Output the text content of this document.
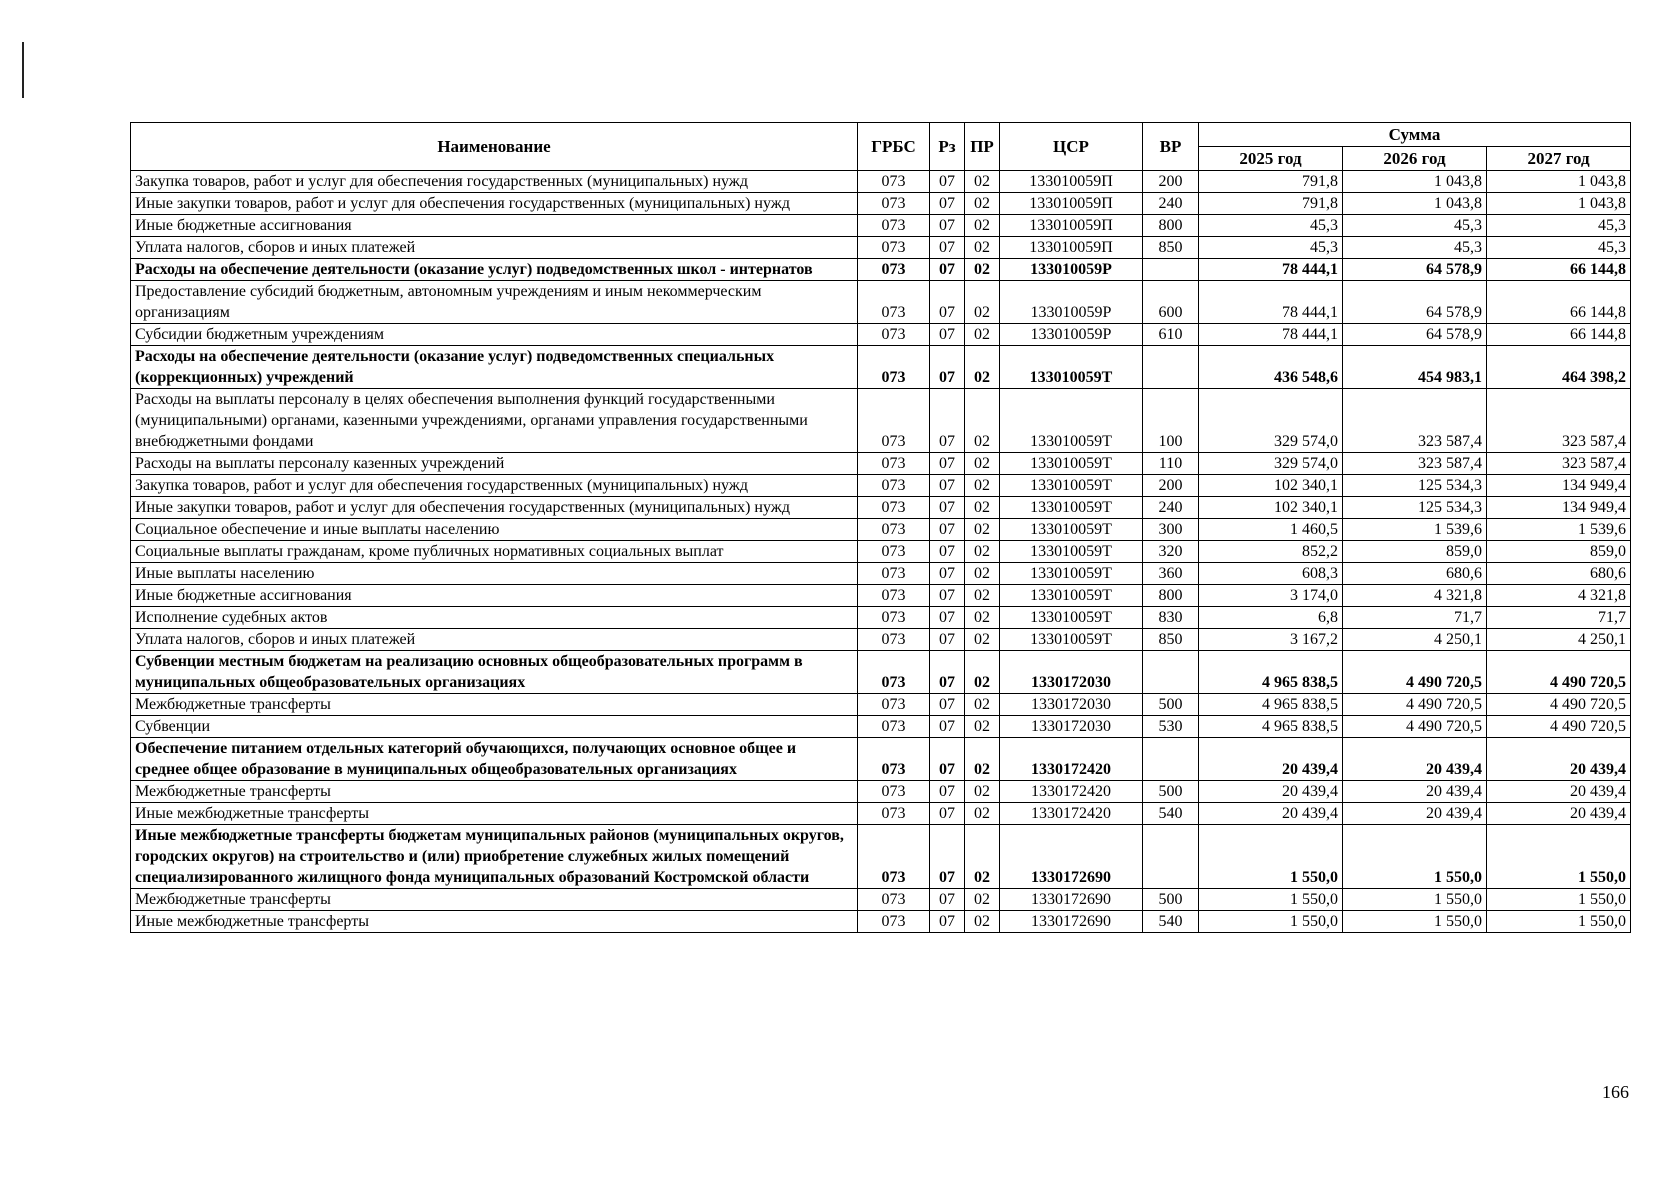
Наименование	ГРБС	Рз	ПР	ЦСР	ВР	Сумма		
						2025 год	2026 год	2027 год
Закупка товаров, работ и услуг для обеспечения государственных (муниципальных) нужд	073	07	02	133010059П	200	791,8	1 043,8	1 043,8
Иные закупки товаров, работ и услуг для обеспечения государственных (муниципальных) нужд	073	07	02	133010059П	240	791,8	1 043,8	1 043,8
Иные бюджетные ассигнования	073	07	02	133010059П	800	45,3	45,3	45,3
Уплата налогов, сборов и иных платежей	073	07	02	133010059П	850	45,3	45,3	45,3
Расходы на обеспечение деятельности (оказание услуг) подведомственных школ - интернатов	073	07	02	133010059Р		78 444,1	64 578,9	66 144,8
Предоставление субсидий бюджетным, автономным учреждениям и иным некоммерческим организациям	073	07	02	133010059Р	600	78 444,1	64 578,9	66 144,8
Субсидии бюджетным учреждениям	073	07	02	133010059Р	610	78 444,1	64 578,9	66 144,8
Расходы на обеспечение деятельности (оказание услуг) подведомственных специальных (коррекционных) учреждений	073	07	02	133010059Т		436 548,6	454 983,1	464 398,2
Расходы на выплаты персоналу в целях обеспечения выполнения функций государственными (муниципальными) органами, казенными учреждениями, органами управления государственными внебюджетными фондами	073	07	02	133010059Т	100	329 574,0	323 587,4	323 587,4
Расходы на выплаты персоналу казенных учреждений	073	07	02	133010059Т	110	329 574,0	323 587,4	323 587,4
Закупка товаров, работ и услуг для обеспечения государственных (муниципальных) нужд	073	07	02	133010059Т	200	102 340,1	125 534,3	134 949,4
Иные закупки товаров, работ и услуг для обеспечения государственных (муниципальных) нужд	073	07	02	133010059Т	240	102 340,1	125 534,3	134 949,4
Социальное обеспечение и иные выплаты населению	073	07	02	133010059Т	300	1 460,5	1 539,6	1 539,6
Социальные выплаты гражданам, кроме публичных нормативных социальных выплат	073	07	02	133010059Т	320	852,2	859,0	859,0
Иные выплаты населению	073	07	02	133010059Т	360	608,3	680,6	680,6
Иные бюджетные ассигнования	073	07	02	133010059Т	800	3 174,0	4 321,8	4 321,8
Исполнение судебных актов	073	07	02	133010059Т	830	6,8	71,7	71,7
Уплата налогов, сборов и иных платежей	073	07	02	133010059Т	850	3 167,2	4 250,1	4 250,1
Субвенции местным бюджетам на реализацию основных общеобразовательных программ в муниципальных общеобразовательных организациях	073	07	02	1330172030		4 965 838,5	4 490 720,5	4 490 720,5
Межбюджетные трансферты	073	07	02	1330172030	500	4 965 838,5	4 490 720,5	4 490 720,5
Субвенции	073	07	02	1330172030	530	4 965 838,5	4 490 720,5	4 490 720,5
Обеспечение питанием отдельных категорий обучающихся, получающих основное общее и среднее общее образование в муниципальных общеобразовательных организациях	073	07	02	1330172420		20 439,4	20 439,4	20 439,4
Межбюджетные трансферты	073	07	02	1330172420	500	20 439,4	20 439,4	20 439,4
Иные межбюджетные трансферты	073	07	02	1330172420	540	20 439,4	20 439,4	20 439,4
Иные межбюджетные трансферты бюджетам муниципальных районов (муниципальных округов, городских округов) на строительство и (или) приобретение служебных жилых помещений специализированного жилищного фонда муниципальных образований Костромской области	073	07	02	1330172690		1 550,0	1 550,0	1 550,0
Межбюджетные трансферты	073	07	02	1330172690	500	1 550,0	1 550,0	1 550,0
Иные межбюджетные трансферты	073	07	02	1330172690	540	1 550,0	1 550,0	1 550,0
166
